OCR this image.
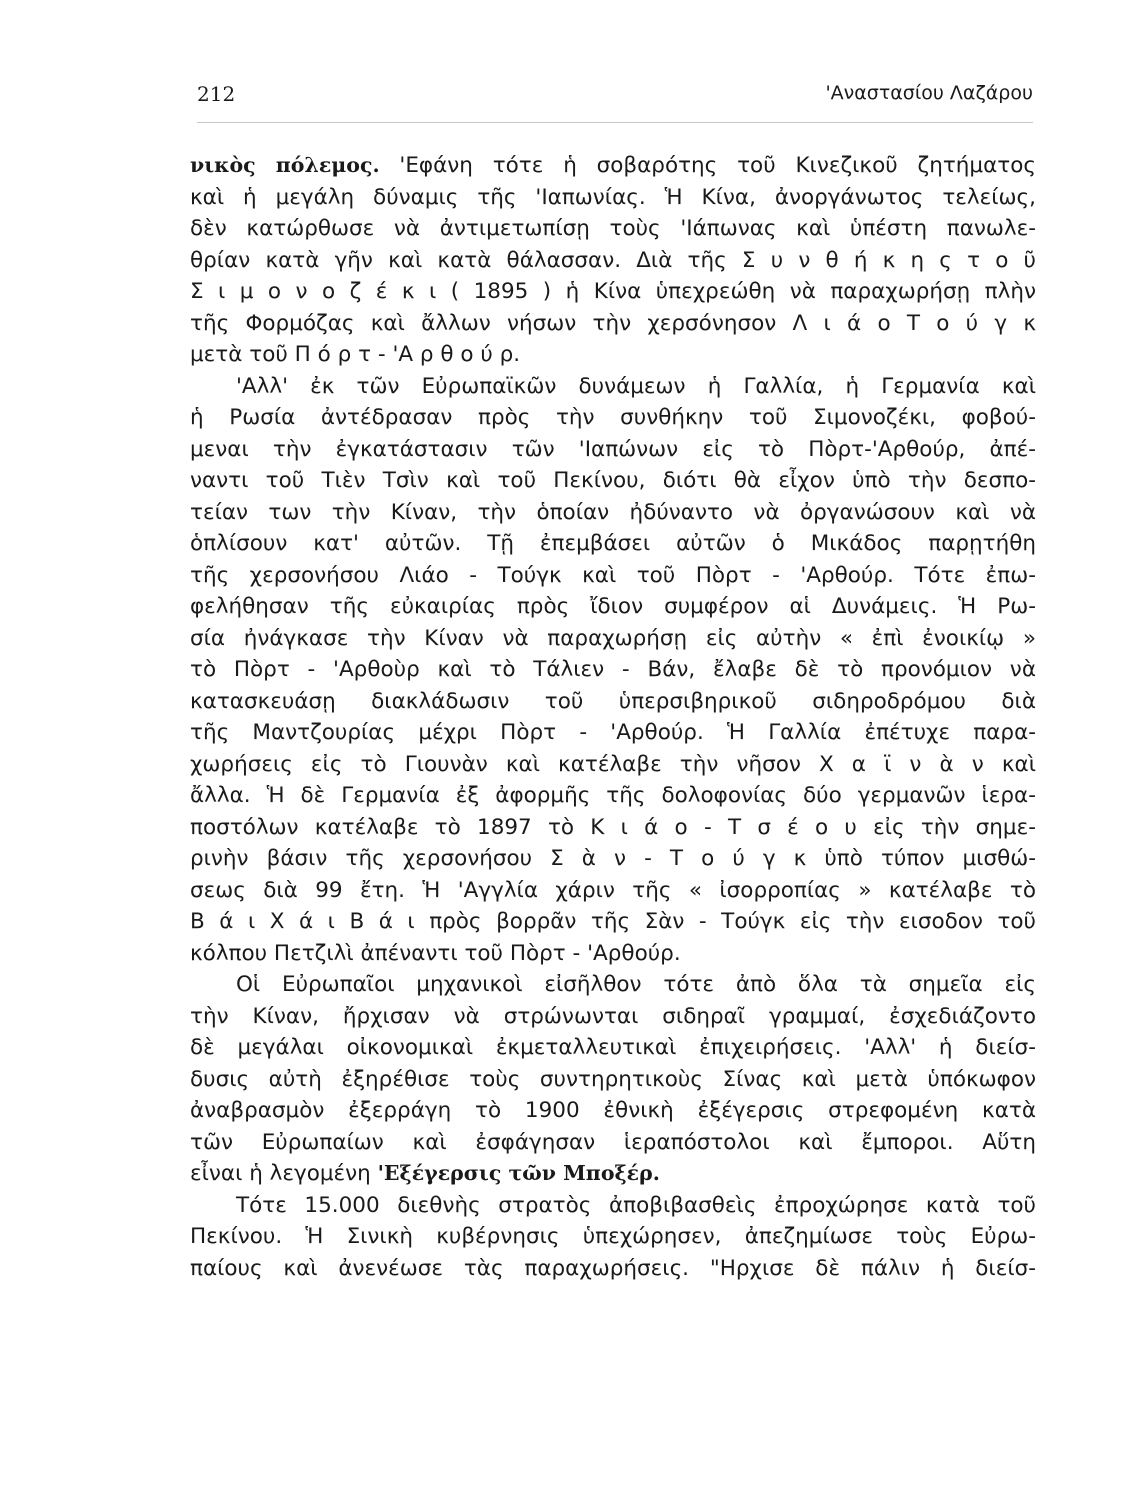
212	'Αναστασίου Λαζάρου
νικὸς πόλεμος. 'Εφάνη τότε ἡ σοβαρότης τοῦ Κινεζικοῦ ζητήματος
καὶ ἡ μεγάλη δύναμις τῆς 'Ιαπωνίας. Ἡ Κίνα, ἀνοργάνωτος τελείως,
δὲν κατώρθωσε νὰ ἀντιμετωπίσῃ τοὺς 'Ιάπωνας καὶ ὑπέστη πανωλε-
θρίαν κατὰ γῆν καὶ κατὰ θάλασσαν. Διὰ τῆς Σ υ ν θ ή κ η ς τ ο ῦ
Σ ι μ ο ν ο ζ έ κ ι ( 1895 ) ἡ Κίνα ὑπεχρεώθη νὰ παραχωρήσῃ πλὴν
τῆς Φορμόζας καὶ ἄλλων νήσων τὴν χερσόνησον Λ ι ά ο Τ ο ύ γ κ
μετὰ τοῦ Π ό ρ τ - 'Α ρ θ ο ύ ρ.
'Αλλ' ἐκ τῶν Εὐρωπαϊκῶν δυνάμεων ἡ Γαλλία, ἡ Γερμανία καὶ
ἡ Ρωσία ἀντέδρασαν πρὸς τὴν συνθήκην τοῦ Σιμονοζέκι, φοβού-
μεναι τὴν ἐγκατάστασιν τῶν 'Ιαπώνων εἰς τὸ Πὸρτ-'Αρθούρ, ἀπέ-
ναντι τοῦ Τιὲν Τσὶν καὶ τοῦ Πεκίνου, διότι θὰ εἶχον ὑπὸ τὴν δεσπο-
τείαν των τὴν Κίναν, τὴν ὁποίαν ἠδύναντο νὰ ὀργανώσουν καὶ νὰ
ὁπλίσουν κατ' αὐτῶν. Τῇ ἐπεμβάσει αὐτῶν ὁ Μικάδος παρῃτήθη
τῆς χερσονήσου Λιάο - Τούγκ καὶ τοῦ Πὸρτ - 'Αρθούρ. Τότε ἐπω-
φελήθησαν τῆς εὐκαιρίας πρὸς ἴδιον συμφέρον αἱ Δυνάμεις. Ἡ Ρω-
σία ἠνάγκασε τὴν Κίναν νὰ παραχωρήσῃ εἰς αὐτὴν « ἐπὶ ἐνοικίῳ »
τὸ Πὸρτ - 'Αρθοὺρ καὶ τὸ Τάλιεν - Βάν, ἔλαβε δὲ τὸ προνόμιον νὰ
κατασκευάσῃ διακλάδωσιν τοῦ ὑπερσιβηρικοῦ σιδηροδρόμου διὰ
τῆς Μαντζουρίας μέχρι Πὸρτ - 'Αρθούρ. Ἡ Γαλλία ἐπέτυχε παρα-
χωρήσεις εἰς τὸ Γιουνὰν καὶ κατέλαβε τὴν νῆσον Χ α ϊ ν ὰ ν καὶ
ἄλλα. Ἡ δὲ Γερμανία ἐξ ἀφορμῆς τῆς δολοφονίας δύο γερμανῶν ἱερα-
ποστόλων κατέλαβε τὸ 1897 τὸ Κ ι ά ο - Τ σ έ ο υ εἰς τὴν σημε-
ρινὴν βάσιν τῆς χερσονήσου Σ ὰ ν - Τ ο ύ γ κ ὑπὸ τύπον μισθώ-
σεως διὰ 99 ἔτη. Ἡ 'Αγγλία χάριν τῆς « ἰσορροπίας » κατέλαβε τὸ
Β ά ι Χ ά ι Β ά ι πρὸς βορρᾶν τῆς Σὰν - Τούγκ εἰς τὴν εισοδον τοῦ
κόλπου Πετζιλὶ ἀπέναντι τοῦ Πὸρτ - 'Αρθούρ.
Οἱ Εὐρωπαῖοι μηχανικοὶ εἰσῆλθον τότε ἀπὸ ὅλα τὰ σημεῖα εἰς
τὴν Κίναν, ἤρχισαν νὰ στρώνωνται σιδηραῖ γραμμαί, ἐσχεδιάζοντο
δὲ μεγάλαι οἰκονομικαὶ ἐκμεταλλευτικαὶ ἐπιχειρήσεις. 'Αλλ' ἡ διείσ-
δυσις αὐτὴ ἐξηρέθισε τοὺς συντηρητικοὺς Σίνας καὶ μετὰ ὑπόκωφον
ἀναβρασμὸν ἐξερράγη τὸ 1900 ἐθνικὴ ἐξέγερσις στρεφομένη κατὰ
τῶν Εὐρωπαίων καὶ ἐσφάγησαν ἱεραπόστολοι καὶ ἔμποροι. Αὕτη
εἶναι ἡ λεγομένη 'Εξέγερσις τῶν Μποξέρ.
Τότε 15.000 διεθνὴς στρατὸς ἀποβιβασθεὶς ἐπροχώρησε κατὰ τοῦ
Πεκίνου. Ἡ Σινικὴ κυβέρνησις ὑπεχώρησεν, ἀπεζημίωσε τοὺς Εὐρω-
παίους καὶ ἀνενέωσε τὰς παραχωρήσεις. "Ηρχισε δὲ πάλιν ἡ διείσ-
